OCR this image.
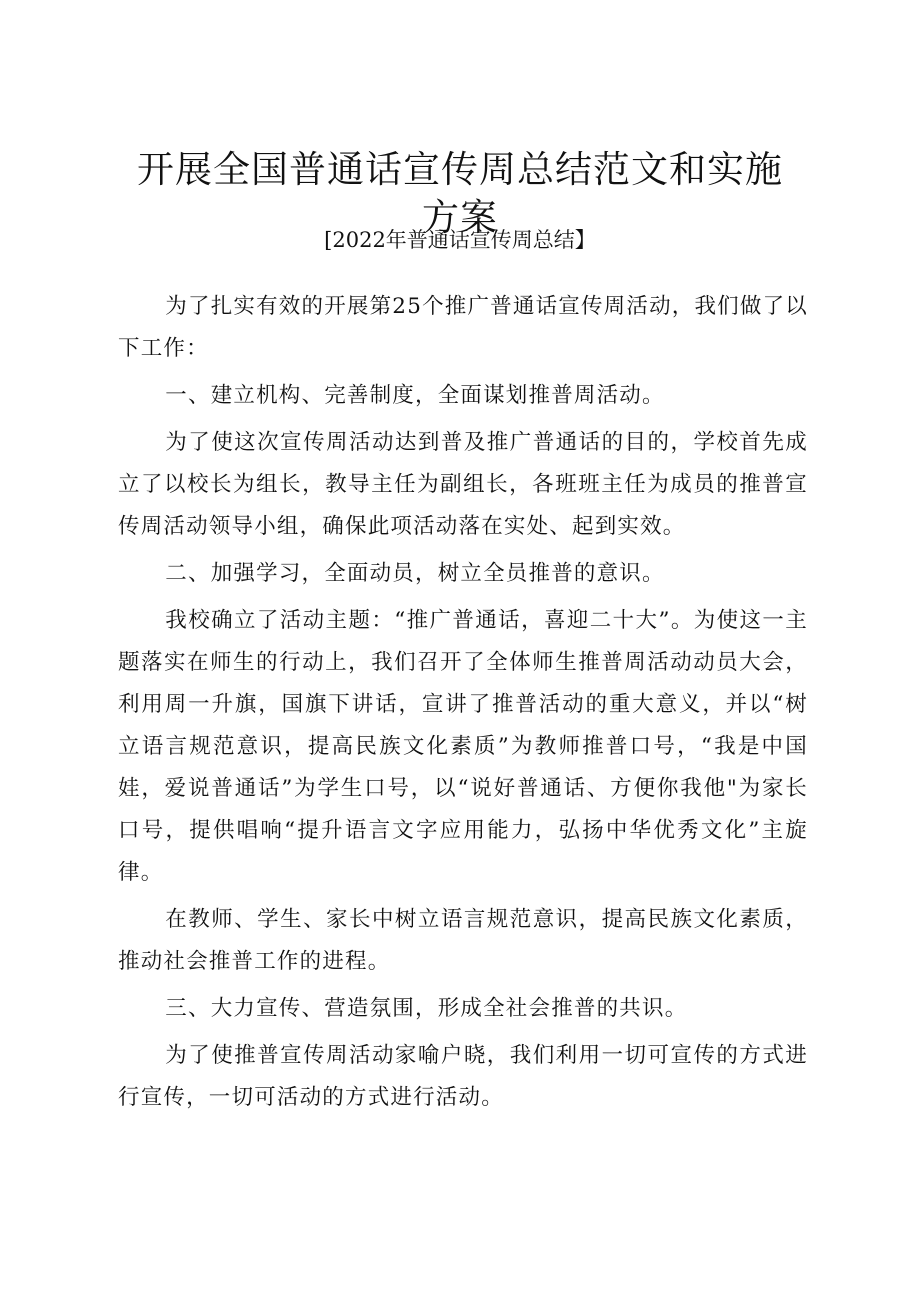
开展全国普通话宣传周总结范文和实施
方案
[2022年普通话宣传周总结】

为了扎实有效的开展第25个推广普通话宣传周活动，我们做了以下工作：

一、建立机构、完善制度，全面谋划推普周活动。

为了使这次宣传周活动达到普及推广普通话的目的，学校首先成立了以校长为组长，教导主任为副组长，各班班主任为成员的推普宣传周活动领导小组，确保此项活动落在实处、起到实效。

二、加强学习，全面动员，树立全员推普的意识。

我校确立了活动主题：“推广普通话，喜迎二十大”。为使这一主题落实在师生的行动上，我们召开了全体师生推普周活动动员大会，利用周一升旗，国旗下讲话，宣讲了推普活动的重大意义，并以“树立语言规范意识，提高民族文化素质”为教师推普口号，“我是中国娃，爱说普通话”为学生口号，以“说好普通话、方便你我他"为家长口号，提供唱响“提升语言文字应用能力，弘扬中华优秀文化”主旋律。

在教师、学生、家长中树立语言规范意识，提高民族文化素质，推动社会推普工作的进程。

三、大力宣传、营造氛围，形成全社会推普的共识。

为了使推普宣传周活动家喻户晓，我们利用一切可宣传的方式进行宣传，一切可活动的方式进行活动。
